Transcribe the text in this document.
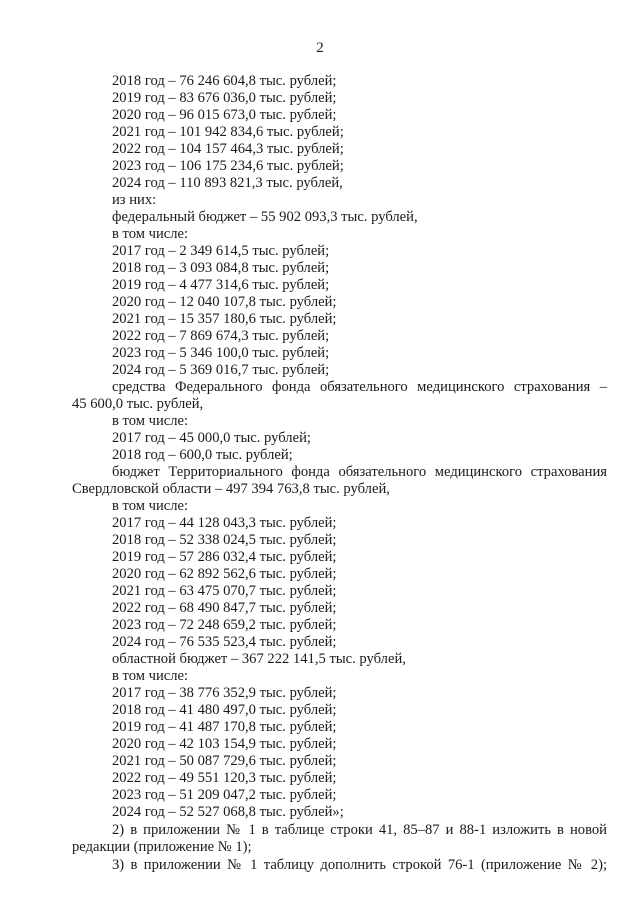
2
2018 год – 76 246 604,8 тыс. рублей;
2019 год – 83 676 036,0 тыс. рублей;
2020 год – 96 015 673,0 тыс. рублей;
2021 год – 101 942 834,6 тыс. рублей;
2022 год – 104 157 464,3 тыс. рублей;
2023 год – 106 175 234,6 тыс. рублей;
2024 год – 110 893 821,3 тыс. рублей,
из них:
федеральный бюджет – 55 902 093,3 тыс. рублей,
в том числе:
2017 год – 2 349 614,5 тыс. рублей;
2018 год – 3 093 084,8 тыс. рублей;
2019 год – 4 477 314,6 тыс. рублей;
2020 год – 12 040 107,8 тыс. рублей;
2021 год – 15 357 180,6 тыс. рублей;
2022 год – 7 869 674,3 тыс. рублей;
2023 год – 5 346 100,0 тыс. рублей;
2024 год – 5 369 016,7 тыс. рублей;
средства Федерального фонда обязательного медицинского страхования –
45 600,0 тыс. рублей,
в том числе:
2017 год – 45 000,0 тыс. рублей;
2018 год – 600,0 тыс. рублей;
бюджет Территориального фонда обязательного медицинского страхования
Свердловской области – 497 394 763,8 тыс. рублей,
в том числе:
2017 год – 44 128 043,3 тыс. рублей;
2018 год – 52 338 024,5 тыс. рублей;
2019 год – 57 286 032,4 тыс. рублей;
2020 год – 62 892 562,6 тыс. рублей;
2021 год – 63 475 070,7 тыс. рублей;
2022 год – 68 490 847,7 тыс. рублей;
2023 год – 72 248 659,2 тыс. рублей;
2024 год – 76 535 523,4 тыс. рублей;
областной бюджет – 367 222 141,5 тыс. рублей,
в том числе:
2017 год – 38 776 352,9 тыс. рублей;
2018 год – 41 480 497,0 тыс. рублей;
2019 год – 41 487 170,8 тыс. рублей;
2020 год – 42 103 154,9 тыс. рублей;
2021 год – 50 087 729,6 тыс. рублей;
2022 год – 49 551 120,3 тыс. рублей;
2023 год – 51 209 047,2 тыс. рублей;
2024 год – 52 527 068,8 тыс. рублей»;
2) в приложении № 1 в таблице строки 41, 85–87 и 88-1 изложить в новой
редакции (приложение № 1);
3) в приложении № 1 таблицу дополнить строкой 76-1 (приложение № 2);
